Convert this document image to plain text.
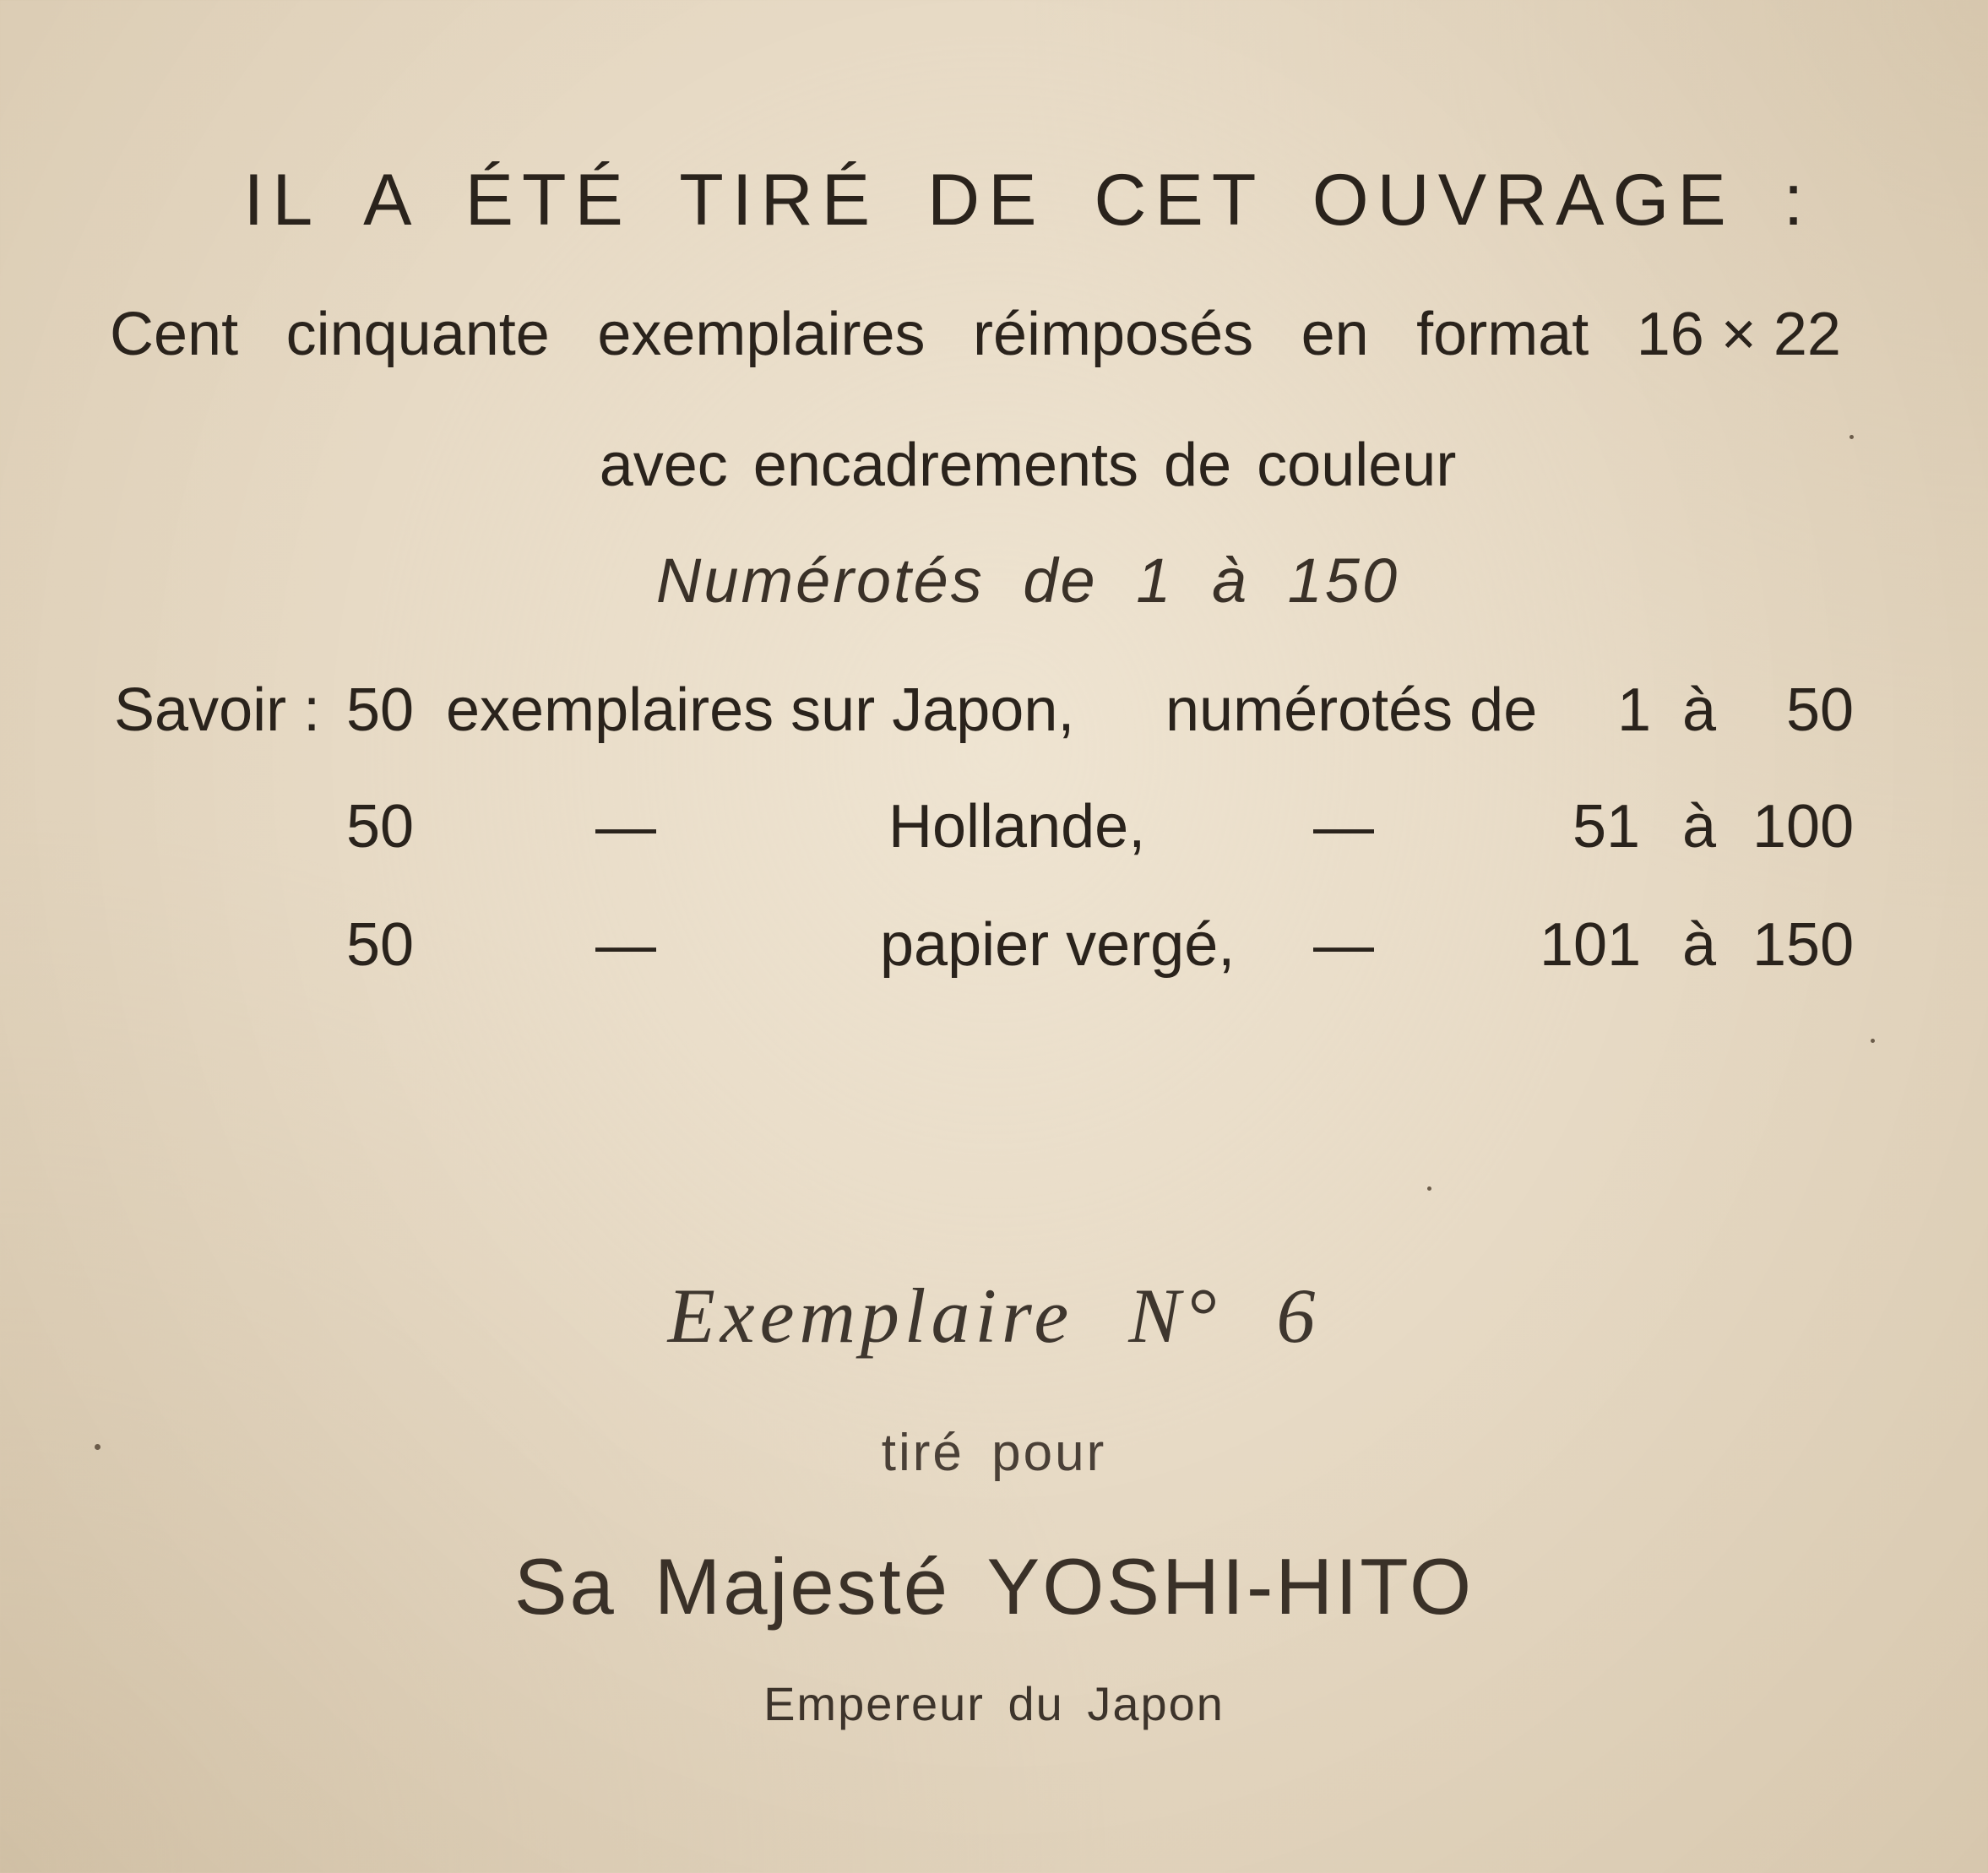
IL A ÉTÉ TIRÉ DE CET OUVRAGE :
Cent cinquante exemplaires réimposés en format 16 × 22
avec encadrements de couleur
Numérotés de 1 à 150
Savoir : 50 exemplaires sur Japon, numérotés de 1 à 50
50	—	Hollande,	—	51 à 100
50	—	papier vergé, —	101 à 150
Exemplaire N° 6
tiré pour
Sa Majesté YOSHI-HITO
Empereur du Japon
